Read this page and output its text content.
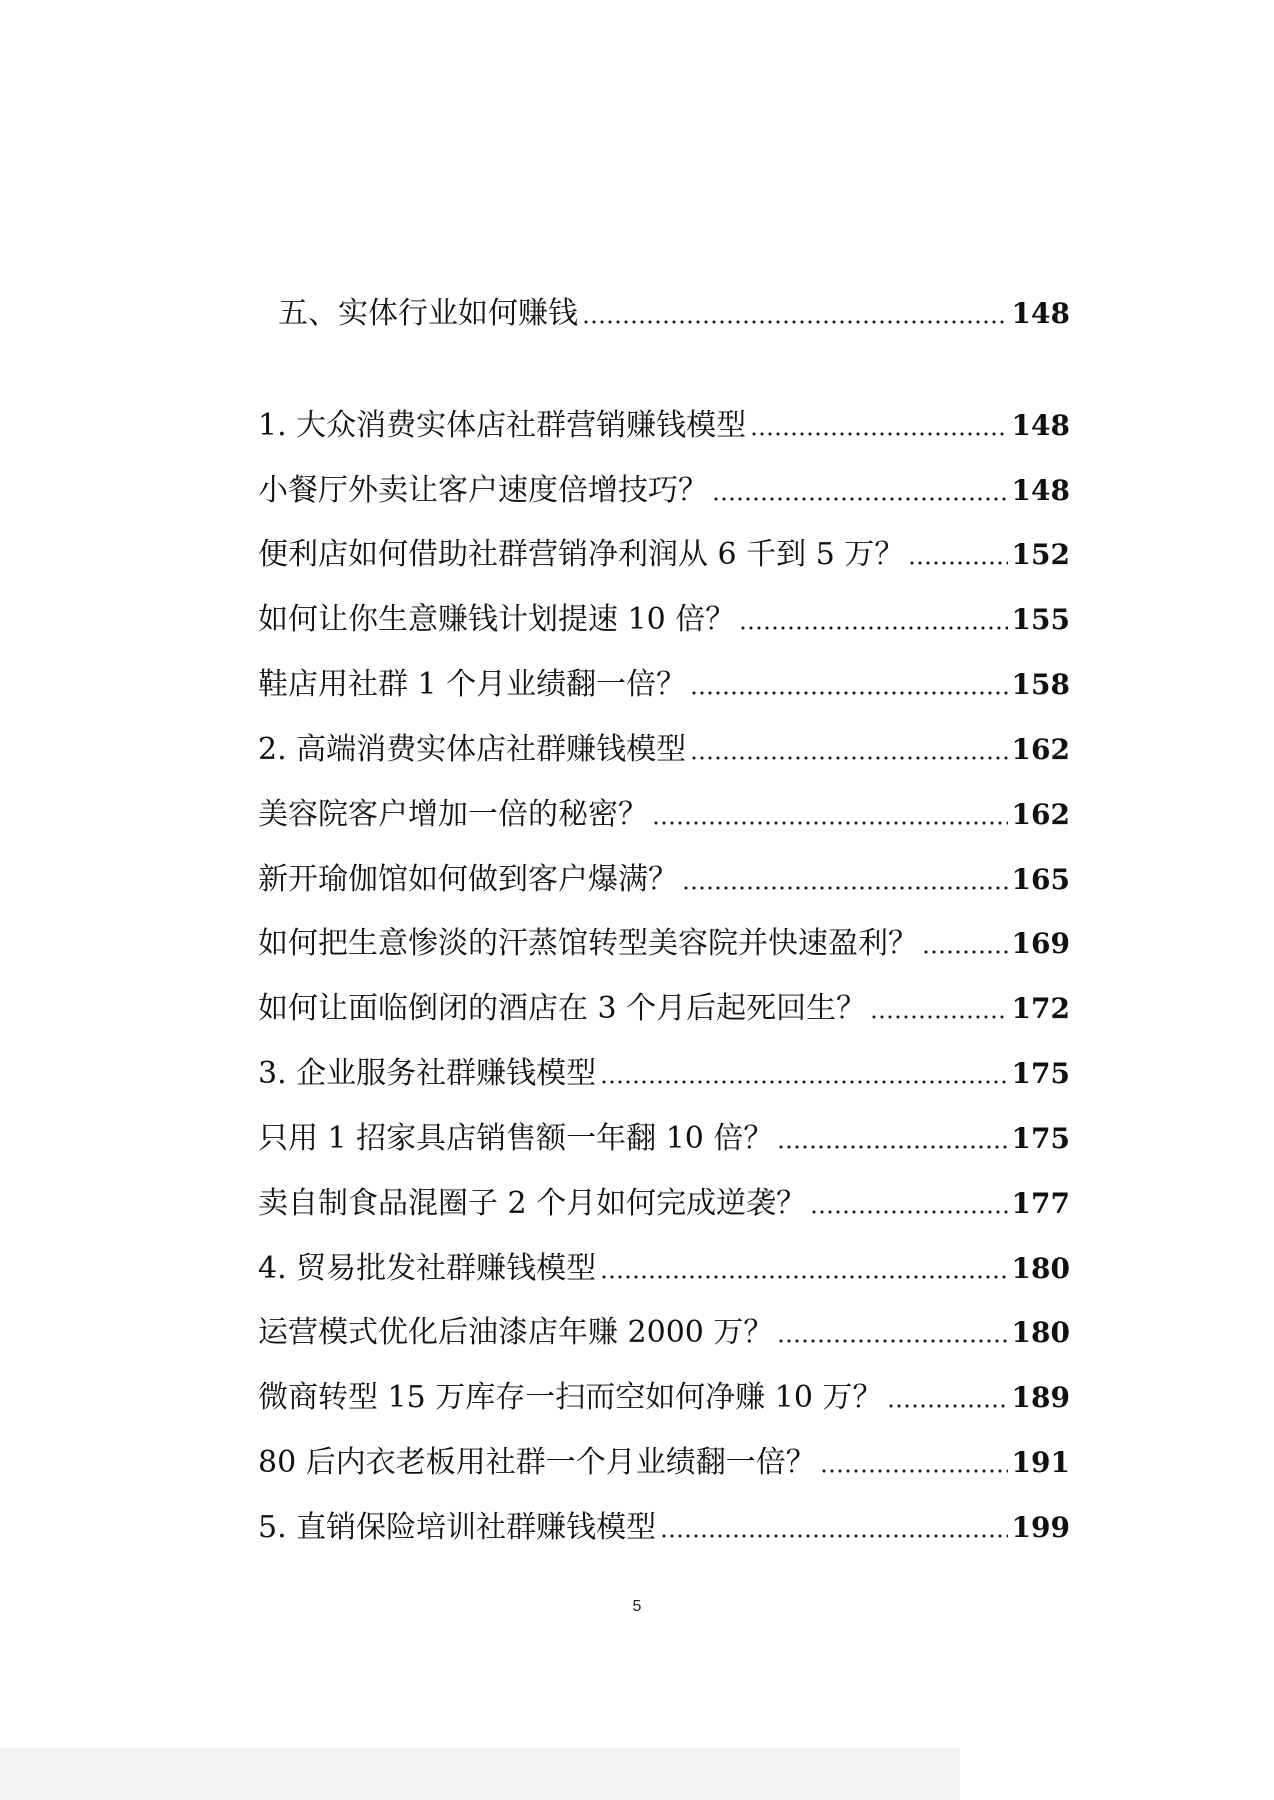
五、实体行业如何赚钱	148
1. 大众消费实体店社群营销赚钱模型	148
小餐厅外卖让客户速度倍增技巧？	148
便利店如何借助社群营销净利润从 6 千到 5 万？	152
如何让你生意赚钱计划提速 10 倍？	155
鞋店用社群 1 个月业绩翻一倍？	158
2. 高端消费实体店社群赚钱模型	162
美容院客户增加一倍的秘密？	162
新开瑜伽馆如何做到客户爆满？	165
如何把生意惨淡的汗蒸馆转型美容院并快速盈利？	169
如何让面临倒闭的酒店在 3 个月后起死回生？	172
3. 企业服务社群赚钱模型	175
只用 1 招家具店销售额一年翻 10 倍？	175
卖自制食品混圈子 2 个月如何完成逆袭？	177
4. 贸易批发社群赚钱模型	180
运营模式优化后油漆店年赚 2000 万？	180
微商转型 15 万库存一扫而空如何净赚 10 万？	189
80 后内衣老板用社群一个月业绩翻一倍？	191
5. 直销保险培训社群赚钱模型	199
5
